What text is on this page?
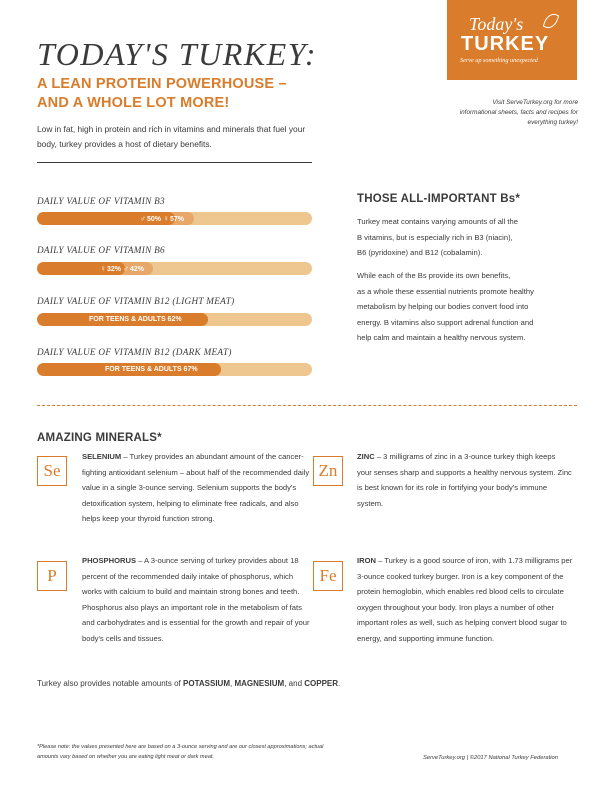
TODAY'S TURKEY:
A LEAN PROTEIN POWERHOUSE –
AND A WHOLE LOT MORE!
Low in fat, high in protein and rich in vitamins and minerals that fuel your body, turkey provides a host of dietary benefits.
Today's
TURKEY
Serve up something unexpected
Visit ServeTurkey.org for more informational sheets, facts and recipes for everything turkey!
DAILY VALUE OF VITAMIN B3
♂50% ♀57%
DAILY VALUE OF VITAMIN B6
♀32% ♂42%
DAILY VALUE OF VITAMIN B12 (LIGHT MEAT)
FOR TEENS & ADULTS 62%
DAILY VALUE OF VITAMIN B12 (DARK MEAT)
FOR TEENS & ADULTS 67%
THOSE ALL-IMPORTANT Bs*
Turkey meat contains varying amounts of all the
B vitamins, but is especially rich in B3 (niacin),
B6 (pyridoxine) and B12 (cobalamin).
While each of the Bs provide its own benefits,
as a whole these essential nutrients promote healthy
metabolism by helping our bodies convert food into
energy. B vitamins also support adrenal function and
help calm and maintain a healthy nervous system.
AMAZING MINERALS*
Se
SELENIUM – Turkey provides an abundant amount of the cancer-fighting antioxidant selenium – about half of the recommended daily value in a single 3-ounce serving. Selenium supports the body's detoxification system, helping to eliminate free radicals, and also helps keep your thyroid function strong.
Zn
ZINC – 3 milligrams of zinc in a 3-ounce turkey thigh keeps your senses sharp and supports a healthy nervous system. Zinc is best known for its role in fortifying your body's immune system.
P
PHOSPHORUS – A 3-ounce serving of turkey provides about 18 percent of the recommended daily intake of phosphorus, which works with calcium to build and maintain strong bones and teeth. Phosphorus also plays an important role in the metabolism of fats and carbohydrates and is essential for the growth and repair of your body's cells and tissues.
Fe
IRON – Turkey is a good source of iron, with 1.73 milligrams per 3-ounce cooked turkey burger. Iron is a key component of the protein hemoglobin, which enables red blood cells to circulate oxygen throughout your body. Iron plays a number of other important roles as well, such as helping convert blood sugar to energy, and supporting immune function.
Turkey also provides notable amounts of POTASSIUM, MAGNESIUM, and COPPER.
*Please note: the values presented here are based on a 3-ounce serving and are our closest approximations; actual amounts vary based on whether you are eating light meat or dark meat.	ServeTurkey.org | ©2017 National Turkey Federation
